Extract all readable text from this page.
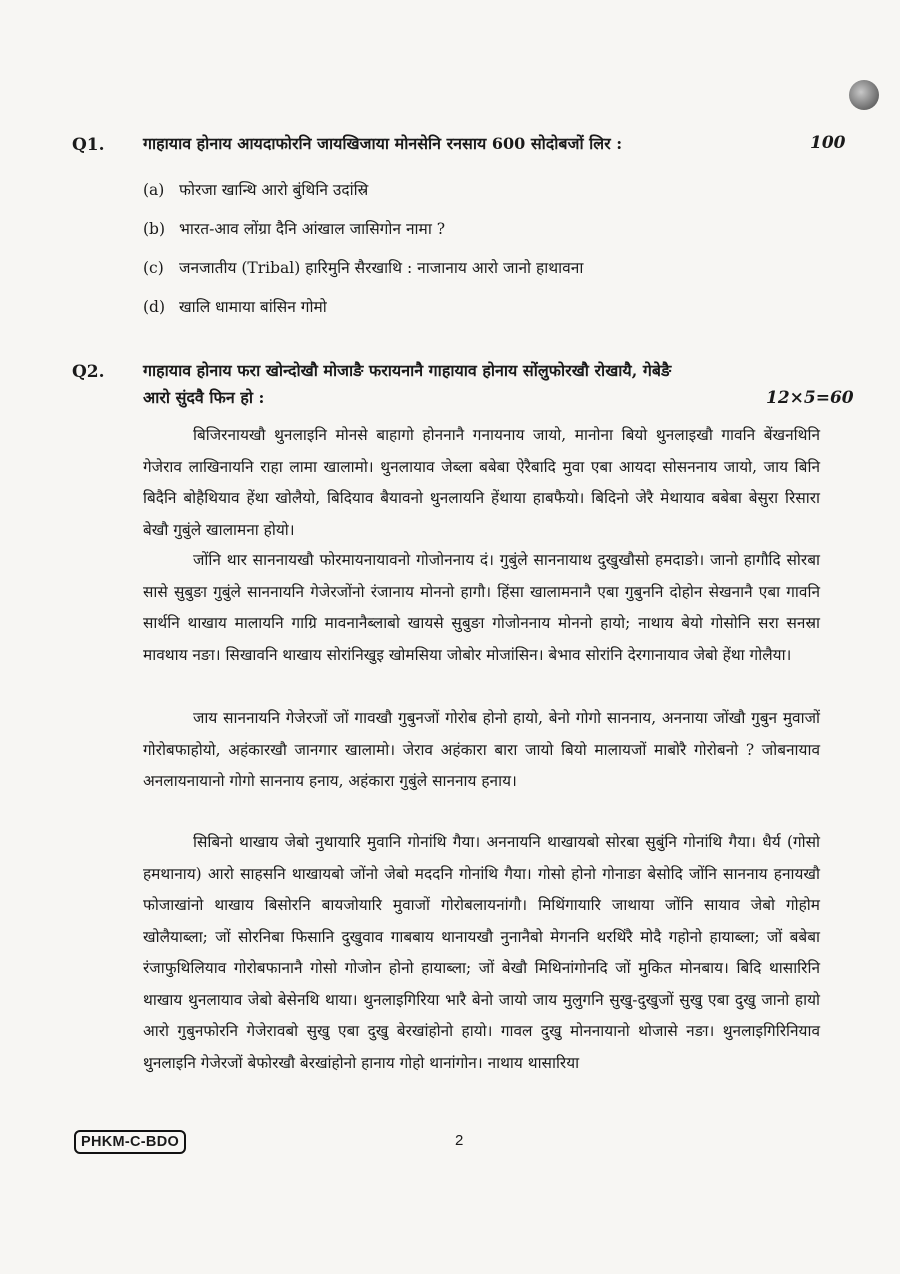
Q1. गाहायाव होनाय आयदाफोरनि जायखिजाया मोनसेनि रनसाय 600 सोदोबजों लिर :	100
(a) फोरजा खान्थि आरो बुंथिनि उदांस्रि
(b) भारत-आव लोंग्रा दैनि आंखाल जासिगोन नामा ?
(c) जनजातीय (Tribal) हारिमुनि सैरखाथि : नाजानाय आरो जानो हाथावना
(d) खालि धामाया बांसिन गोमो
Q2. गाहायाव होनाय फरा खोन्दोखौ मोजाङै फरायनानै गाहायाव होनाय सोंलुफोरखौ रोखायै, गेबेङै
आरो सुंदवै फिन हो :	12×5=60

बिजिरनायखौ थुनलाइनि मोनसे बाहागो होननानै गनायनाय जायो, मानोना बियो थुनलाइखौ गावनि बेंखनथिनि गेजेराव लाखिनायनि राहा लामा खालामो। थुनलायाव जेब्ला बबेबा ऐरैबादि मुवा एबा आयदा सोसननाय जायो, जाय बिनि बिदैनि बोहैथियाव हेंथा खोलैयो, बिदियाव बैयावनो थुनलायनि हेंथाया हाबफैयो। बिदिनो जेरै मेथायाव बबेबा बेसुरा रिसारा बेखौ गुबुंले खालामना होयो।

जोंनि थार साननायखौ फोरमायनायावनो गोजोननाय दं। गुबुंले साननायाथ दुखुखौसो हमदाङो। जानो हागौदि सोरबा सासे सुबुङा गुबुंले साननायनि गेजेरजोंनो रंजानाय मोननो हागौ। हिंसा खालामनानै एबा गुबुननि दोहोन सेखनानै एबा गावनि सार्थनि थाखाय मालायनि गाग्रि मावनानैब्लाबो खायसे सुबुङा गोजोननाय मोननो हायो; नाथाय बेयो गोसोनि सरा सनस्रा मावथाय नङा। सिखावनि थाखाय सोरांनिखुइ खोमसिया जोबोर मोजांसिन। बेभाव सोरांनि देरगानायाव जेबो हेंथा गोलैया।

जाय साननायनि गेजेरजों जों गावखौ गुबुनजों गोरोब होनो हायो, बेनो गोगो साननाय, अननाया जोंखौ गुबुन मुवाजों गोरोबफाहोयो, अहंकारखौ जानगार खालामो। जेराव अहंकारा बारा जायो बियो मालायजों माबोरै गोरोबनो ? जोबनायाव अनलायनायानो गोगो साननाय हनाय, अहंकारा गुबुंले साननाय हनाय।

सिबिनो थाखाय जेबो नुथायारि मुवानि गोनांथि गैया। अननायनि थाखायबो सोरबा सुबुंनि गोनांथि गैया। धैर्य (गोसो हमथानाय) आरो साहसनि थाखायबो जोंनो जेबो मददनि गोनांथि गैया। गोसो होनो गोनाङा बेसोदि जोंनि साननाय हनायखौ फोजाखांनो थाखाय बिसोरनि बायजोयारि मुवाजों गोरोबलायनांगौ। मिथिंगायारि जाथाया जोंनि सायाव जेबो गोहोम खोलैयाब्ला; जों सोरनिबा फिसानि दुखुवाव गाबबाय थानायखौ नुनानैबो मेगननि थरथिंरै मोदै गहोनो हायाब्ला; जों बबेबा रंजाफुथिलियाव गोरोबफानानै गोसो गोजोन होनो हायाब्ला; जों बेखौ मिथिनांगोनदि जों मुकित मोनबाय। बिदि थासारिनि थाखाय थुनलायाव जेबो बेसेनथि थाया। थुनलाइगिरिया भारै बेनो जायो जाय मुलुगनि सुखु-दुखुजों सुखु एबा दुखु जानो हायो आरो गुबुनफोरनि गेजेरावबो सुखु एबा दुखु बेरखांहोनो हायो। गावल दुखु मोननायानो थोजासे नङा। थुनलाइगिरिनियाव थुनलाइनि गेजेरजों बेफोरखौ बेरखांहोनो हानाय गोहो थानांगोन। नाथाय थासारिया

PHKM-C-BDO	2
